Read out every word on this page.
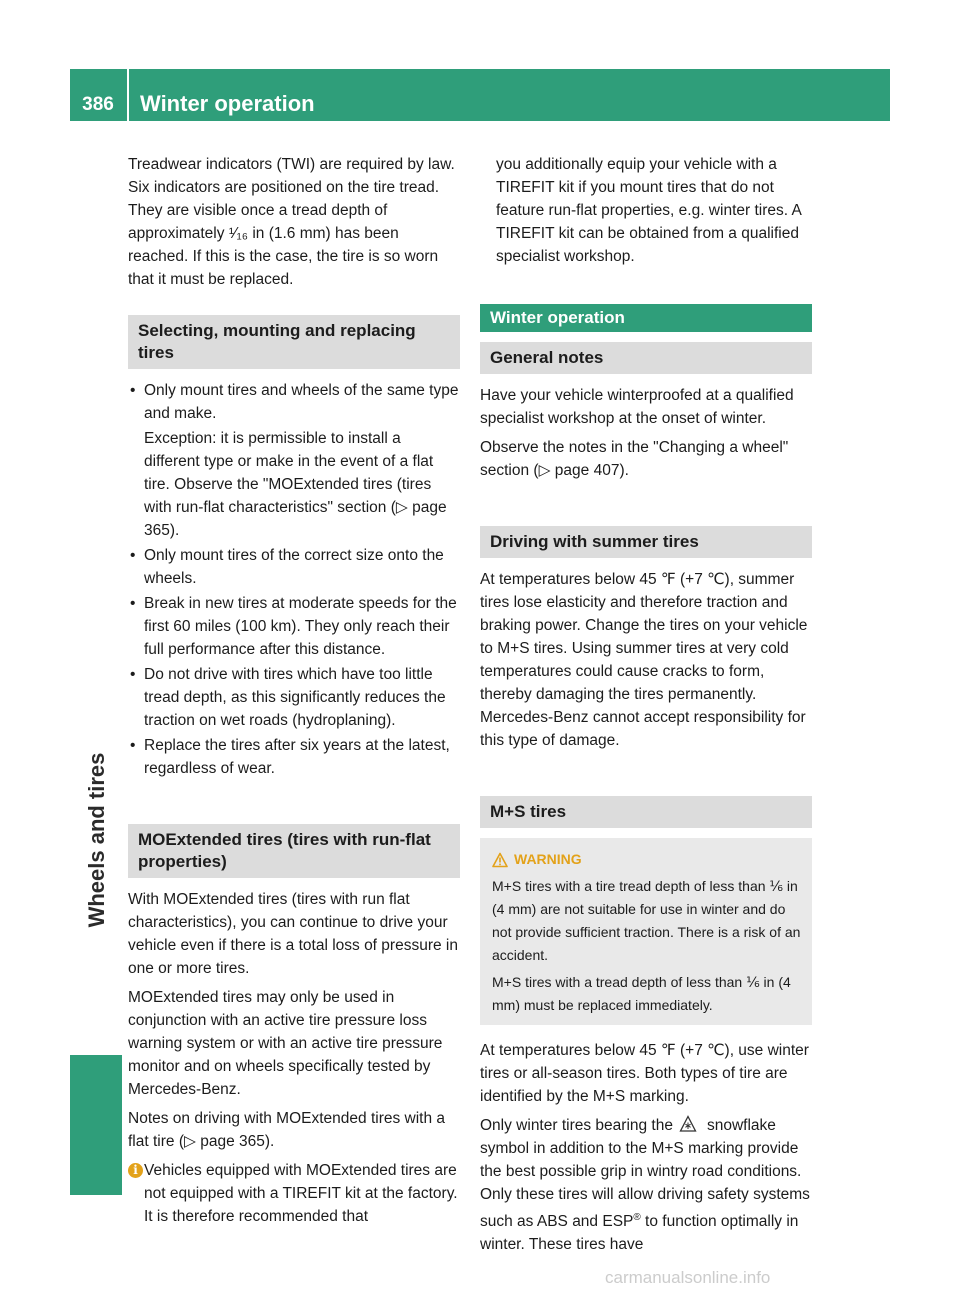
386	Winter operation
Wheels and tires

Treadwear indicators (TWI) are required by law. Six indicators are positioned on the tire tread. They are visible once a tread depth of approximately ¹⁄₁₆ in (1.6 mm) has been reached. If this is the case, the tire is so worn that it must be replaced.

Selecting, mounting and replacing tires
• Only mount tires and wheels of the same type and make.
Exception: it is permissible to install a different type or make in the event of a flat tire. Observe the "MOExtended tires (tires with run-flat characteristics" section (▷ page 365).
• Only mount tires of the correct size onto the wheels.
• Break in new tires at moderate speeds for the first 60 miles (100 km). They only reach their full performance after this distance.
• Do not drive with tires which have too little tread depth, as this significantly reduces the traction on wet roads (hydroplaning).
• Replace the tires after six years at the latest, regardless of wear.
MOExtended tires (tires with run-flat properties)

With MOExtended tires (tires with run flat characteristics), you can continue to drive your vehicle even if there is a total loss of pressure in one or more tires.

MOExtended tires may only be used in conjunction with an active tire pressure loss warning system or with an active tire pressure monitor and on wheels specifically tested by Mercedes-Benz.

Notes on driving with MOExtended tires with a flat tire (▷ page 365).

i Vehicles equipped with MOExtended tires are not equipped with a TIREFIT kit at the factory. It is therefore recommended that

you additionally equip your vehicle with a TIREFIT kit if you mount tires that do not feature run-flat properties, e.g. winter tires. A TIREFIT kit can be obtained from a qualified specialist workshop.

Winter operation
General notes

Have your vehicle winterproofed at a qualified specialist workshop at the onset of winter.

Observe the notes in the "Changing a wheel" section (▷ page 407).

Driving with summer tires

At temperatures below 45 ℉ (+7 ℃), summer tires lose elasticity and therefore traction and braking power. Change the tires on your vehicle to M+S tires. Using summer tires at very cold temperatures could cause cracks to form, thereby damaging the tires permanently. Mercedes-Benz cannot accept responsibility for this type of damage.

M+S tires
WARNING
M+S tires with a tire tread depth of less than ⅙ in (4 mm) are not suitable for use in winter and do not provide sufficient traction. There is a risk of an accident.
M+S tires with a tread depth of less than ⅙ in (4 mm) must be replaced immediately.

At temperatures below 45 ℉ (+7 ℃), use winter tires or all-season tires. Both types of tire are identified by the M+S marking.

Only winter tires bearing the snowflake symbol in addition to the M+S marking provide the best possible grip in wintry road conditions. Only these tires will allow driving safety systems such as ABS and ESP® to function optimally in winter. These tires have

carmanualsonline.info
